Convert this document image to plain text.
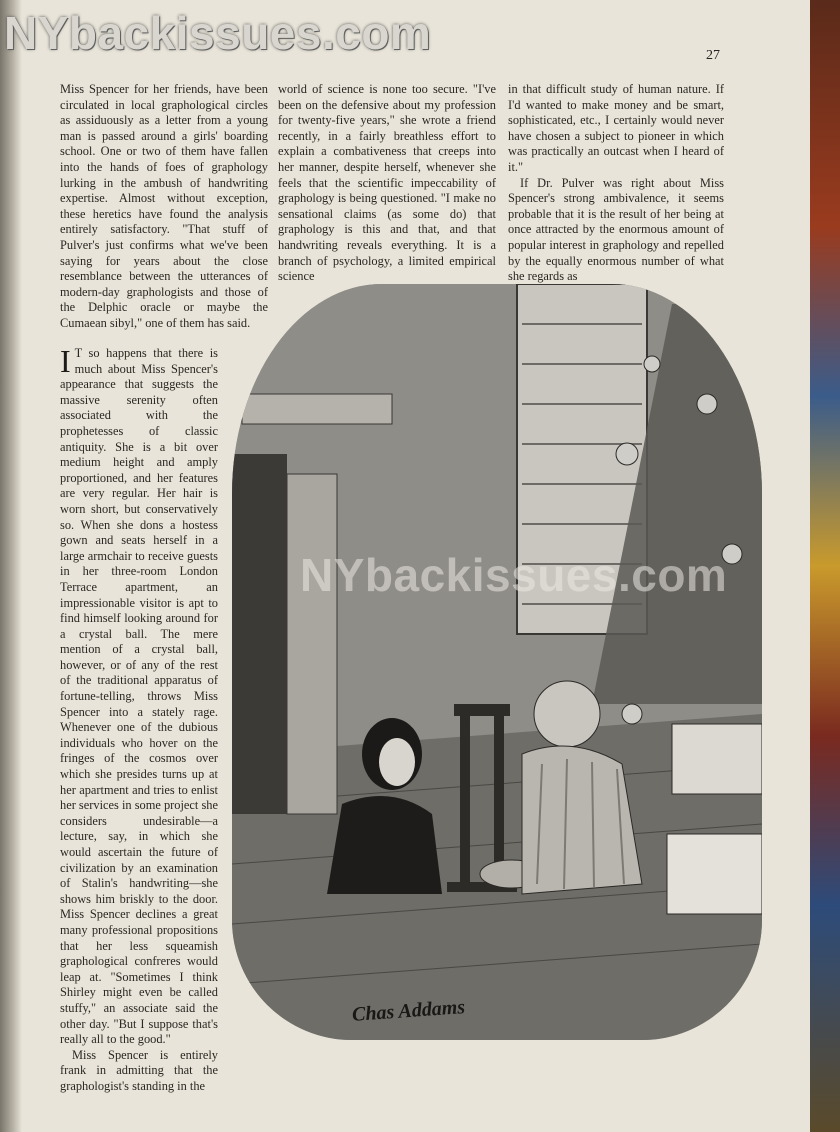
NYbackissues.com	27

Miss Spencer for her friends, have been circulated in local graphological circles as assiduously as a letter from a young man is passed around a girls' boarding school. One or two of them have fallen into the hands of foes of graphology lurking in the ambush of handwriting expertise. Almost without exception, these heretics have found the analysis entirely satisfactory. "That stuff of Pulver's just confirms what we've been saying for years about the close resemblance between the utterances of modern-day graphologists and those of the Delphic oracle or maybe the Cumaean sibyl," one of them has said.

I T so happens that there is much about Miss Spencer's appearance that suggests the massive serenity often associated with the prophetesses of classic antiquity. She is a bit over medium height and amply proportioned, and her features are very regular. Her hair is worn short, but conservatively so. When she dons a hostess gown and seats herself in a large armchair to receive guests in her three-room London Terrace apartment, an impressionable visitor is apt to find himself looking around for a crystal ball. The mere mention of a crystal ball, however, or of any of the rest of the traditional apparatus of fortune-telling, throws Miss Spencer into a stately rage. Whenever one of the dubious individuals who hover on the fringes of the cosmos over which she presides turns up at her apartment and tries to enlist her services in some project she considers undesirable—a lecture, say, in which she would ascertain the future of civilization by an examination of Stalin's handwriting—she shows him briskly to the door. Miss Spencer declines a great many professional propositions that her less squeamish graphological confreres would leap at. "Sometimes I think Shirley might even be called stuffy," an associate said the other day. "But I suppose that's really all to the good."

Miss Spencer is entirely frank in admitting that the graphologist's standing in the

world of science is none too secure. "I've been on the defensive about my profession for twenty-five years," she wrote a friend recently, in a fairly breathless effort to explain a combativeness that creeps into her manner, despite herself, whenever she feels that the scientific impeccability of graphology is being questioned. "I make no sensational claims (as some do) that graphology is this and that, and that handwriting reveals everything. It is a branch of psychology, a limited empirical science

in that difficult study of human nature. If I'd wanted to make money and be smart, sophisticated, etc., I certainly would never have chosen a subject to pioneer in which was practically an outcast when I heard of it."

If Dr. Pulver was right about Miss Spencer's strong ambivalence, it seems probable that it is the result of her being at once attracted by the enormous amount of popular interest in graphology and repelled by the equally enormous number of what she regards as

NYbackissues.com
Chas Addams
